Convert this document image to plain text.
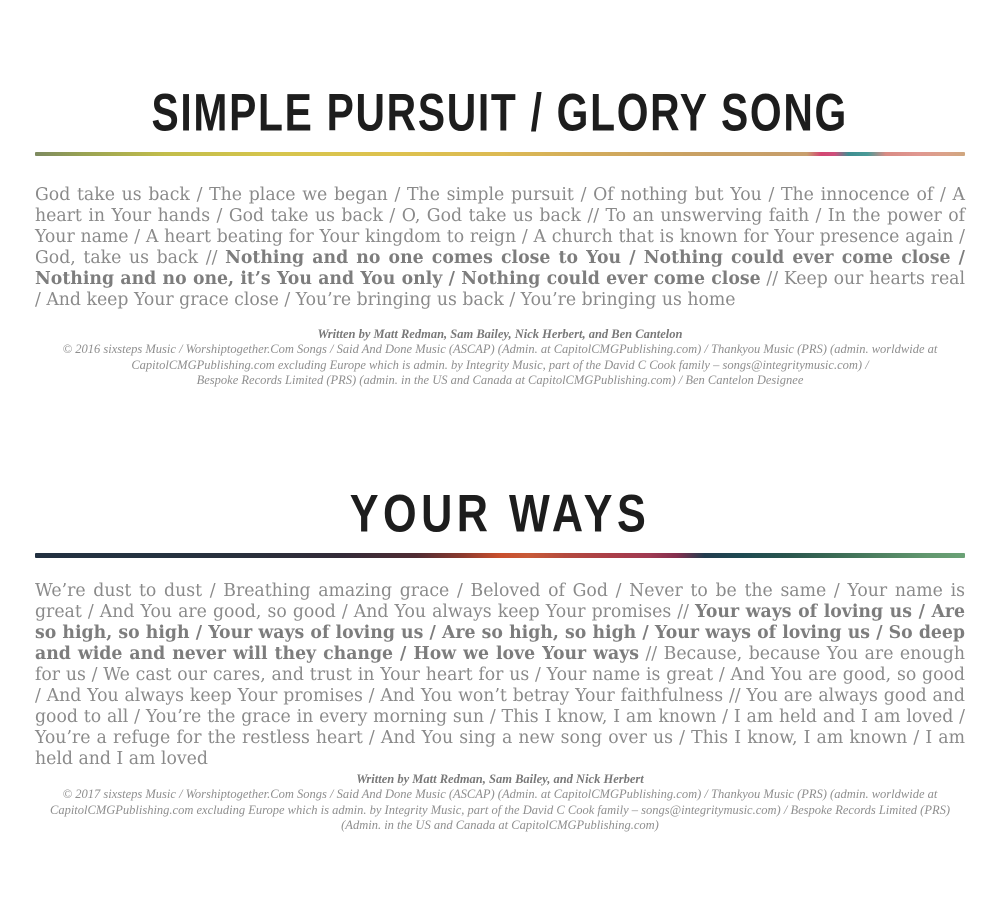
SIMPLE PURSUIT / GLORY SONG

God take us back / The place we began / The simple pursuit / Of nothing but You / The innocence of / A heart in Your hands / God take us back / O, God take us back // To an unswerving faith / In the power of Your name / A heart beating for Your kingdom to reign / A church that is known for Your presence again / God, take us back // Nothing and no one comes close to You / Nothing could ever come close / Nothing and no one, it’s You and You only / Nothing could ever come close // Keep our hearts real / And keep Your grace close / You’re bringing us back / You’re bringing us home

Written by Matt Redman, Sam Bailey, Nick Herbert, and Ben Cantelon
© 2016 sixsteps Music / Worshiptogether.Com Songs / Said And Done Music (ASCAP) (Admin. at CapitolCMGPublishing.com) / Thankyou Music (PRS) (admin. worldwide at
CapitolCMGPublishing.com excluding Europe which is admin. by Integrity Music, part of the David C Cook family – songs@integritymusic.com) /
Bespoke Records Limited (PRS) (admin. in the US and Canada at CapitolCMGPublishing.com) / Ben Cantelon Designee
YOUR WAYS

We’re dust to dust / Breathing amazing grace / Beloved of God / Never to be the same / Your name is great / And You are good, so good / And You always keep Your promises // Your ways of loving us / Are so high, so high / Your ways of loving us / Are so high, so high / Your ways of loving us / So deep and wide and never will they change / How we love Your ways // Because, because You are enough for us / We cast our cares, and trust in Your heart for us / Your name is great / And You are good, so good / And You always keep Your promises / And You won’t betray Your faithfulness // You are always good and good to all / You’re the grace in every morning sun / This I know, I am known / I am held and I am loved / You’re a refuge for the restless heart / And You sing a new song over us / This I know, I am known / I am held and I am loved

Written by Matt Redman, Sam Bailey, and Nick Herbert
© 2017 sixsteps Music / Worshiptogether.Com Songs / Said And Done Music (ASCAP) (Admin. at CapitolCMGPublishing.com) / Thankyou Music (PRS) (admin. worldwide at
CapitolCMGPublishing.com excluding Europe which is admin. by Integrity Music, part of the David C Cook family – songs@integritymusic.com) / Bespoke Records Limited (PRS)
(Admin. in the US and Canada at CapitolCMGPublishing.com)
